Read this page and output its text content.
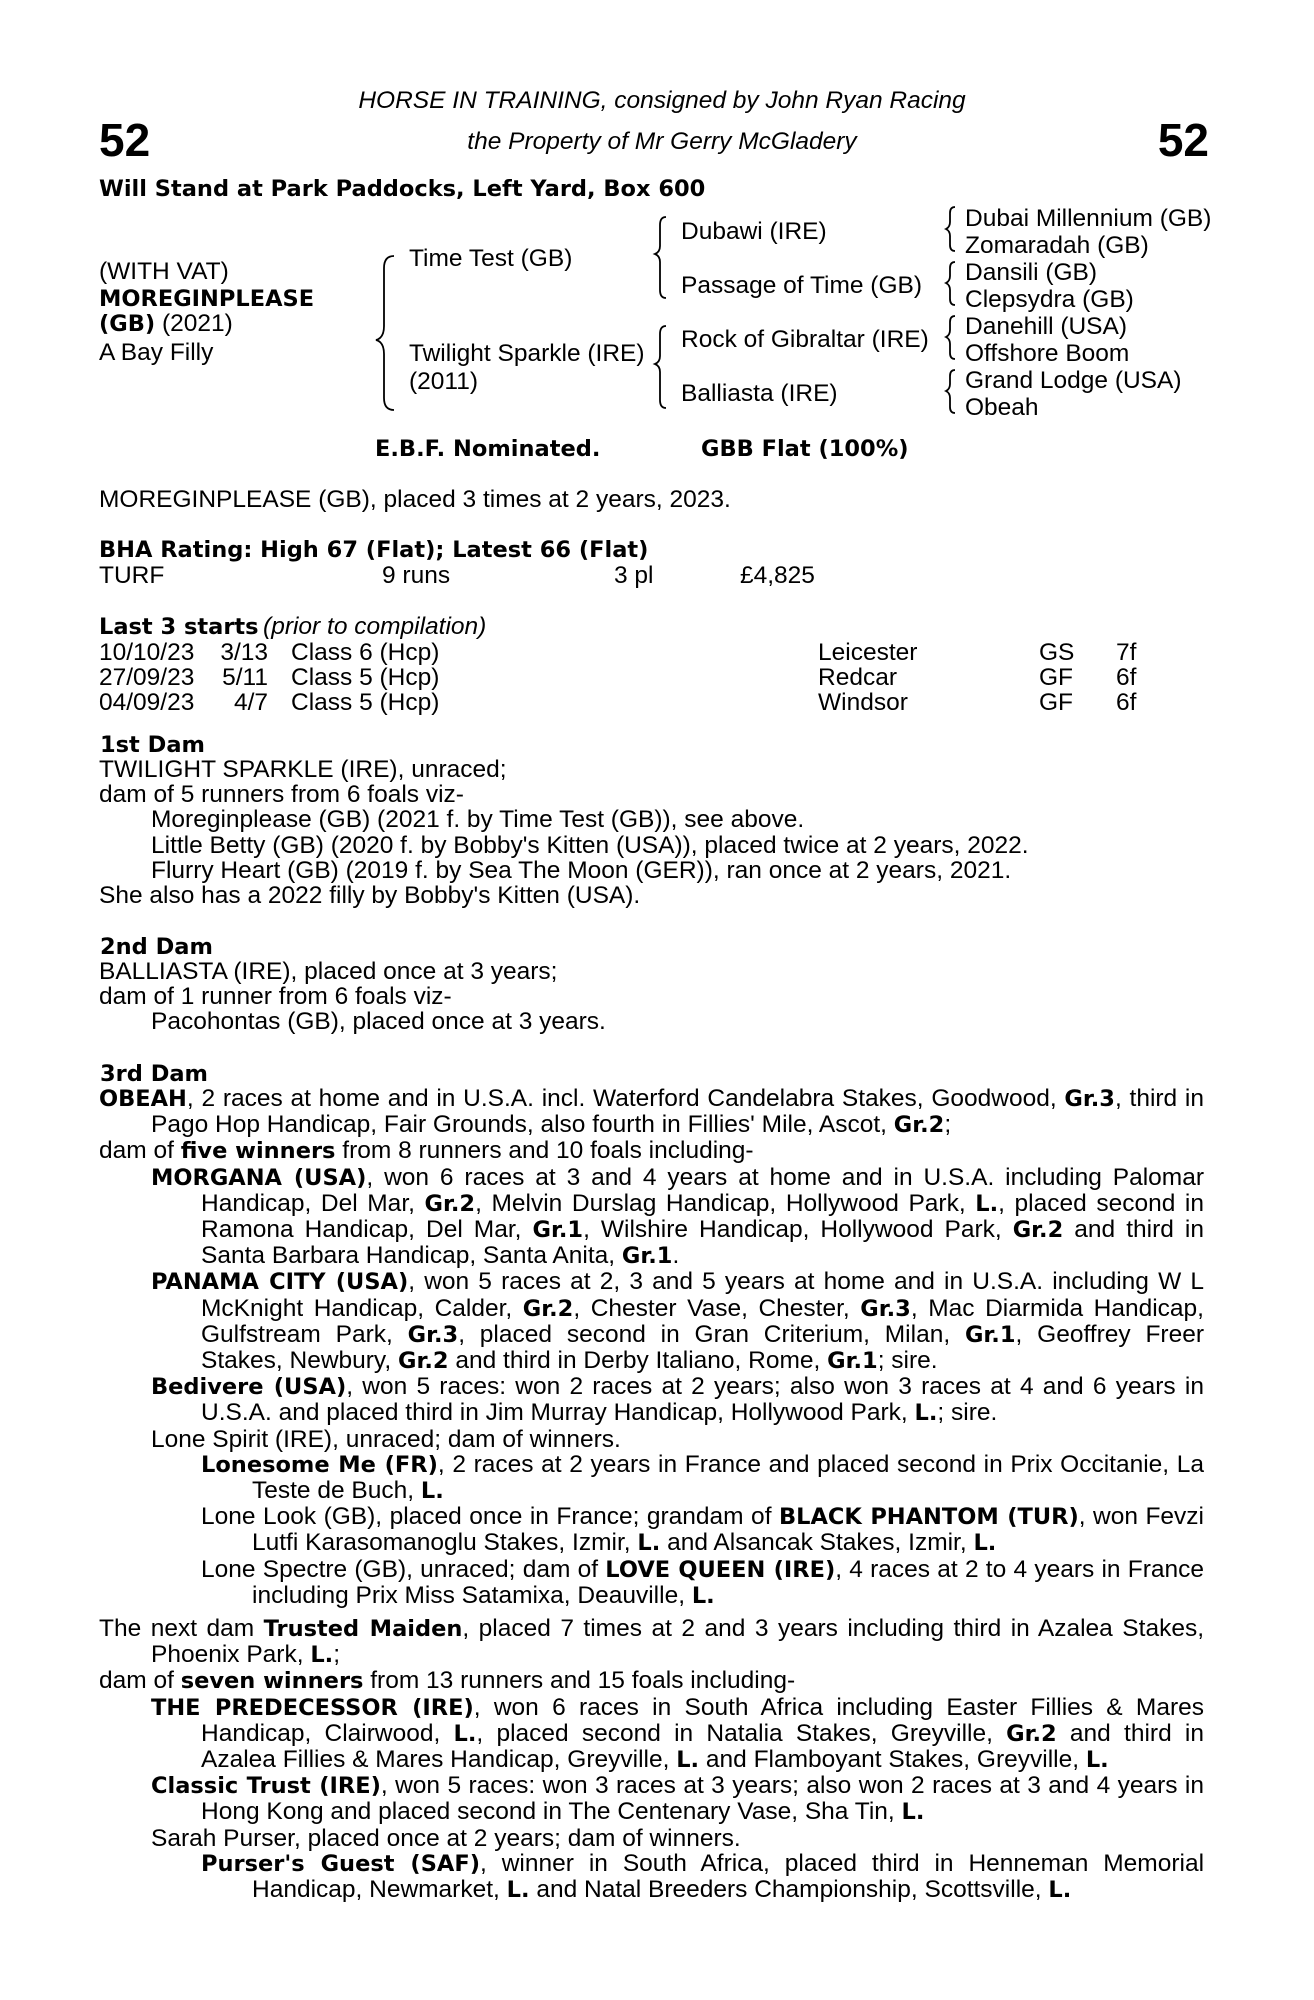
52	52
HORSE IN TRAINING, consigned by John Ryan Racing
the Property of Mr Gerry McGladery
Will Stand at Park Paddocks, Left Yard, Box 600
(WITH VAT)
MOREGINPLEASE
(GB) (2021)
A Bay Filly
Time Test (GB)
Twilight Sparkle (IRE)
(2011)
Dubawi (IRE)
Passage of Time (GB)
Rock of Gibraltar (IRE)
Balliasta (IRE)
Dubai Millennium (GB)
Zomaradah (GB)
Dansili (GB)
Clepsydra (GB)
Danehill (USA)
Offshore Boom
Grand Lodge (USA)
Obeah
E.B.F. Nominated.	GBB Flat (100%)
MOREGINPLEASE (GB), placed 3 times at 2 years, 2023.
BHA Rating: High 67 (Flat); Latest 66 (Flat)
TURF	9 runs	3 pl	£4,825
Last 3 starts (prior to compilation)
10/10/23	3/13 Class 6 (Hcp)	Leicester	GS 7f
27/09/23	5/11 Class 5 (Hcp)	Redcar	GF 6f
04/09/23	4/7 Class 5 (Hcp)	Windsor	GF 6f
1st Dam

TWILIGHT SPARKLE (IRE), unraced;

dam of 5 runners from 6 foals viz-

Moreginplease (GB) (2021 f. by Time Test (GB)), see above.

Little Betty (GB) (2020 f. by Bobby's Kitten (USA)), placed twice at 2 years, 2022.

Flurry Heart (GB) (2019 f. by Sea The Moon (GER)), ran once at 2 years, 2021.

She also has a 2022 filly by Bobby's Kitten (USA).

2nd Dam

BALLIASTA (IRE), placed once at 3 years;

dam of 1 runner from 6 foals viz-

Pacohontas (GB), placed once at 3 years.

3rd Dam

OBEAH, 2 races at home and in U.S.A. incl. Waterford Candelabra Stakes, Goodwood, Gr.3, third in Pago Hop Handicap, Fair Grounds, also fourth in Fillies' Mile, Ascot, Gr.2;

dam of five winners from 8 runners and 10 foals including-

MORGANA (USA), won 6 races at 3 and 4 years at home and in U.S.A. including Palomar Handicap, Del Mar, Gr.2, Melvin Durslag Handicap, Hollywood Park, L., placed second in Ramona Handicap, Del Mar, Gr.1, Wilshire Handicap, Hollywood Park, Gr.2 and third in Santa Barbara Handicap, Santa Anita, Gr.1.

PANAMA CITY (USA), won 5 races at 2, 3 and 5 years at home and in U.S.A. including W L McKnight Handicap, Calder, Gr.2, Chester Vase, Chester, Gr.3, Mac Diarmida Handicap, Gulfstream Park, Gr.3, placed second in Gran Criterium, Milan, Gr.1, Geoffrey Freer Stakes, Newbury, Gr.2 and third in Derby Italiano, Rome, Gr.1; sire.

Bedivere (USA), won 5 races: won 2 races at 2 years; also won 3 races at 4 and 6 years in U.S.A. and placed third in Jim Murray Handicap, Hollywood Park, L.; sire.

Lone Spirit (IRE), unraced; dam of winners.

Lonesome Me (FR), 2 races at 2 years in France and placed second in Prix Occitanie, La Teste de Buch, L.

Lone Look (GB), placed once in France; grandam of BLACK PHANTOM (TUR), won Fevzi Lutfi Karasomanoglu Stakes, Izmir, L. and Alsancak Stakes, Izmir, L.

Lone Spectre (GB), unraced; dam of LOVE QUEEN (IRE), 4 races at 2 to 4 years in France including Prix Miss Satamixa, Deauville, L.

The next dam Trusted Maiden, placed 7 times at 2 and 3 years including third in Azalea Stakes, Phoenix Park, L.;

dam of seven winners from 13 runners and 15 foals including-

THE PREDECESSOR (IRE), won 6 races in South Africa including Easter Fillies & Mares Handicap, Clairwood, L., placed second in Natalia Stakes, Greyville, Gr.2 and third in Azalea Fillies & Mares Handicap, Greyville, L. and Flamboyant Stakes, Greyville, L.

Classic Trust (IRE), won 5 races: won 3 races at 3 years; also won 2 races at 3 and 4 years in Hong Kong and placed second in The Centenary Vase, Sha Tin, L.

Sarah Purser, placed once at 2 years; dam of winners.

Purser's Guest (SAF), winner in South Africa, placed third in Henneman Memorial Handicap, Newmarket, L. and Natal Breeders Championship, Scottsville, L.
